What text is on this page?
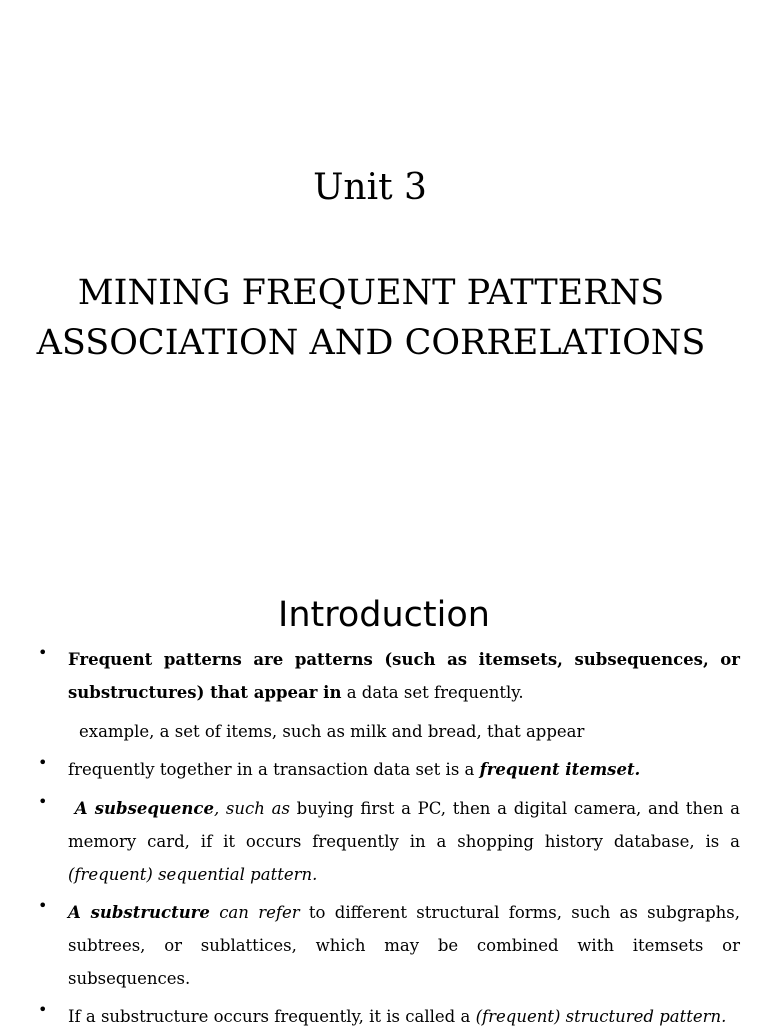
Unit 3
MINING FREQUENT PATTERNS
ASSOCIATION AND CORRELATIONS
Introduction
• Frequent patterns are patterns (such as itemsets, subsequences, or substructures) that appear in a data set frequently.
example, a set of items, such as milk and bread, that appear
• frequently together in a transaction data set is a frequent itemset.
•	A subsequence, such as buying first a PC, then a digital camera, and then a memory card, if it occurs frequently in a shopping history database, is a (frequent) sequential pattern.
• A substructure can refer to different structural forms, such as subgraphs, subtrees, or sublattices, which may be combined with itemsets or subsequences.
• If a substructure occurs frequently, it is called a (frequent) structured pattern.
